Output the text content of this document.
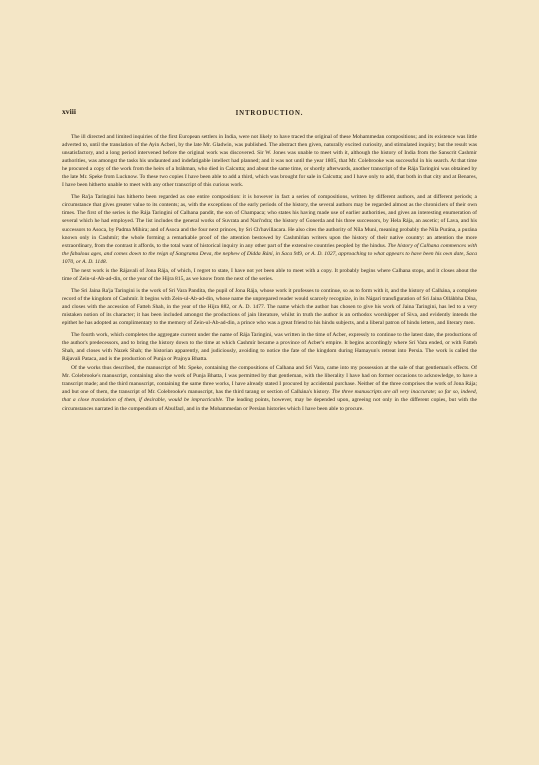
xviii	INTRODUCTION.

The ill directed and limited inquiries of the first European settlers in India, were not likely to have traced the original of these Mohammedan compositions; and its existence was little adverted to, until the translation of the Ayin Acberi, by the late Mr. Gladwin, was published. The abstract then given, naturally excited curiosity, and stimulated inquiry; but the result was unsatisfactory, and a long period intervened before the original work was discovered. Sir W. Jones was unable to meet with it, although the history of India from the Sanscrit Cashmir authorities, was amongst the tasks his undaunted and indefatigable intellect had planned; and it was not until the year 1805, that Mr. Colebrooke was successful in his search. At that time he procured a copy of the work from the heirs of a bráhman, who died in Calcutta; and about the same time, or shortly afterwards, another transcript of the Rája Taringini was obtained by the late Mr. Speke from Lucknow. To these two copies I have been able to add a third, which was brought for sale in Calcutta; and I have only to add, that both in that city and at Benares, I have been hitherto unable to meet with any other transcript of this curious work.

The Ra'ja Taringini has hitherto been regarded as one entire composition: it is however in fact a series of compositions, written by different authors, and at different periods; a circumstance that gives greater value to its contents; as, with the exceptions of the early periods of the history, the several authors may be regarded almost as the chroniclers of their own times. The first of the series is the Rája Taringini of Calhana pandit, the son of Champaca; who states his having made use of earlier authorities, and gives an interesting enumeration of several which he had employed. The list includes the general works of Suvrata and Nari'ndra; the history of Gonerda and his three successors, by Hela Rája, an ascetic; of Lava, and his successors to Asoca, by Padma Mihira; and of Asoca and the four next princes, by Sri Ch'havillacara. He also cites the authority of Níla Muni, meaning probably the Nila Purána, a purána known only in Cashmír; the whole forming a remarkable proof of the attention bestowed by Cashmírian writers upon the history of their native country: an attention the more extraordinary, from the contrast it affords, to the total want of historical inquiry in any other part of the extensive countries peopled by the hindus. The history of Calhana commences with the fabulous ages, and comes down to the reign of Sangrama Deva, the nephew of Didda Rání, in Saca 949, or A. D. 1027, approaching to what appears to have been his own date, Saca 1070, or A. D. 1148.

The next work is the Rájavali of Jona Rája, of which, I regret to state, I have not yet been able to meet with a copy. It probably begins where Calhana stops, and it closes about the time of Zein-ul-Ab-ad-din, or the year of the Hijra 815, as we know from the next of the series.

The Sri Jaina Ra'ja Taringini is the work of Sri Vara Pandita, the pupil of Jona Rája, whose work it professes to continue, so as to form with it, and the history of Calhána, a complete record of the kingdom of Cashmír. It begins with Zein-ul-Ab-ad-din, whose name the unprepared reader would scarcely recognize, in its Nágarí transfiguration of Sri Jaina Olláhbha Dína, and closes with the accession of Fatteh Shah, in the year of the Hijra 882, or A. D. 1477. The name which the author has chosen to give his work of Jaina Taringini, has led to a very mistaken notion of its character; it has been included amongst the productions of jain literature, whilst in truth the author is an orthodox worshipper of Siva, and evidently intends the epithet he has adopted as complimentary to the memory of Zein-ul-Ab-ad-din, a prince who was a great friend to his hindu subjects, and a liberal patron of hindu letters, and literary men.

The fourth work, which completes the aggregate current under the name of Rája Taringini, was written in the time of Acber, expressly to continue to the latest date, the productions of the author's predecessors, and to bring the history down to the time at which Cashmír became a province of Acber's empire. It begins accordingly where Srí Vara ended, or with Fatteh Shah, and closes with Nazek Shah; the historian apparently, and judiciously, avoiding to notice the fate of the kingdom during Hamayun's retreat into Persia. The work is called the Rájavali Pataca, and is the production of Punja or Prajnya Bhatta.

Of the works thus described, the manuscript of Mr. Speke, containing the compositions of Calhana and Srí Vara, came into my possession at the sale of that gentleman's effects. Of Mr. Colebrooke's manuscript, containing also the work of Punja Bhatta, I was permitted by that gentleman, with the liberality I have had on former occasions to acknowledge, to have a transcript made; and the third manuscript, containing the same three works, I have already stated I procured by accidental purchase. Neither of the three comprises the work of Jona Rája; and but one of them, the transcript of Mr. Colebrooke's manuscript, has the third tarang or section of Calhána's history. The three manuscripts are all very inaccurate; so far so, indeed, that a close translation of them, if desirable, would be impracticable. The leading points, however, may be depended upon, agreeing not only in the different copies, but with the circumstances narrated in the compendium of Abulfazl, and in the Mohammedan or Persian histories which I have been able to procure.
